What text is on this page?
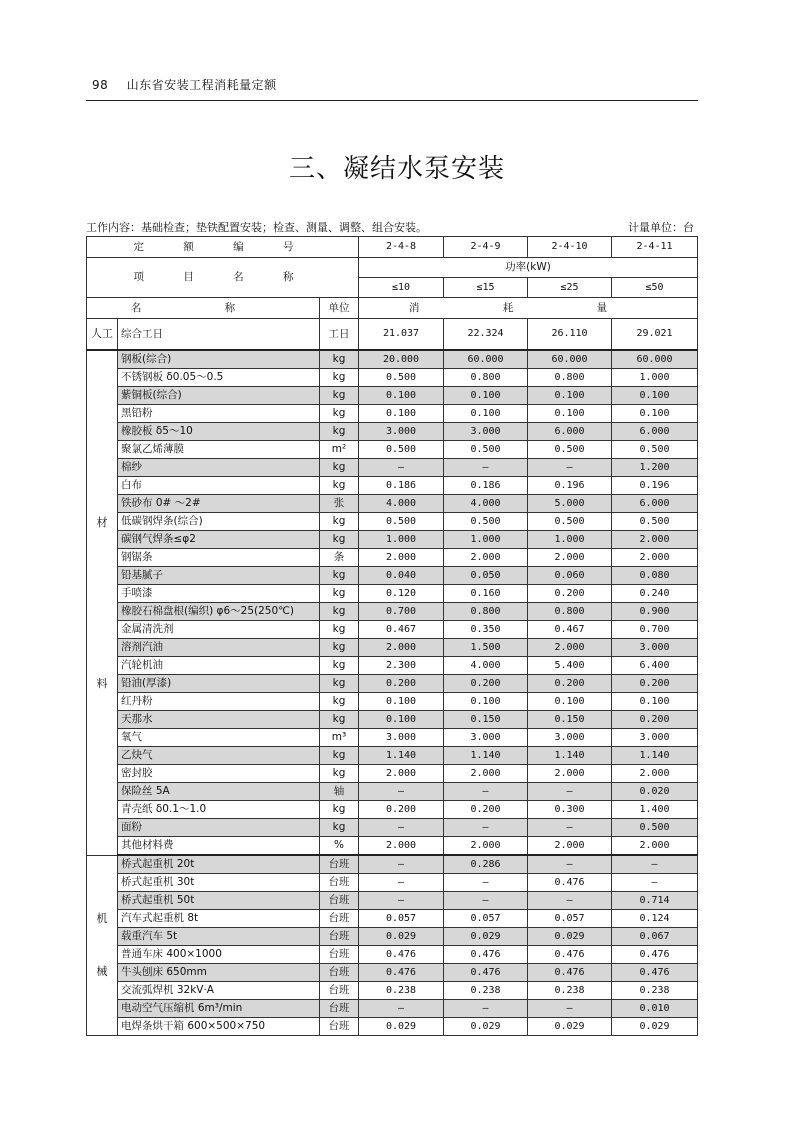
98 山东省安装工程消耗量定额
三、凝结水泵安装
工作内容：基础检查；垫铁配置安装；检查、测量、调整、组合安装。	计量单位：台
定 额 编 号			2-4-8	2-4-9	2-4-10	2-4-11
项 目 名 称			功率(kW)			
			≤10	≤15	≤25	≤50
名 称		单位	消 耗 量			
人工	综合工日	工日	21.037	22.324	26.110	29.021

材
料	钢板(综合)	kg	20.000	60.000	60.000	60.000
	不锈钢板 δ0.05～0.5	kg	0.500	0.800	0.800	1.000
	紫铜板(综合)	kg	0.100	0.100	0.100	0.100
	黑铅粉	kg	0.100	0.100	0.100	0.100
	橡胶板 δ5～10	kg	3.000	3.000	6.000	6.000
	聚氯乙烯薄膜	m²	0.500	0.500	0.500	0.500
	棉纱	kg	—	—	—	1.200
	白布	kg	0.186	0.186	0.196	0.196
	铁砂布 0# ～2#	张	4.000	4.000	5.000	6.000
	低碳钢焊条(综合)	kg	0.500	0.500	0.500	0.500
	碳钢气焊条≤φ2	kg	1.000	1.000	1.000	2.000
	钢锯条	条	2.000	2.000	2.000	2.000
	铅基腻子	kg	0.040	0.050	0.060	0.080
	手喷漆	kg	0.120	0.160	0.200	0.240
	橡胶石棉盘根(编织) φ6～25(250℃)	kg	0.700	0.800	0.800	0.900
	金属清洗剂	kg	0.467	0.350	0.467	0.700
	溶剂汽油	kg	2.000	1.500	2.000	3.000
	汽轮机油	kg	2.300	4.000	5.400	6.400
	铅油(厚漆)	kg	0.200	0.200	0.200	0.200
	红丹粉	kg	0.100	0.100	0.100	0.100
	天那水	kg	0.100	0.150	0.150	0.200
	氧气	m³	3.000	3.000	3.000	3.000
	乙炔气	kg	1.140	1.140	1.140	1.140
	密封胶	kg	2.000	2.000	2.000	2.000
	保险丝 5A	轴	—	—	—	0.020
	青壳纸 δ0.1～1.0	kg	0.200	0.200	0.300	1.400
	面粉	kg	—	—	—	0.500
	其他材料费	%	2.000	2.000	2.000	2.000

机
械	桥式起重机 20t	台班	—	0.286	—	—
	桥式起重机 30t	台班	—	—	0.476	—
	桥式起重机 50t	台班	—	—	—	0.714
	汽车式起重机 8t	台班	0.057	0.057	0.057	0.124
	载重汽车 5t	台班	0.029	0.029	0.029	0.067
	普通车床 400×1000	台班	0.476	0.476	0.476	0.476
	牛头刨床 650mm	台班	0.476	0.476	0.476	0.476
	交流弧焊机 32kV·A	台班	0.238	0.238	0.238	0.238
	电动空气压缩机 6m³/min	台班	—	—	—	0.010
	电焊条烘干箱 600×500×750	台班	0.029	0.029	0.029	0.029
